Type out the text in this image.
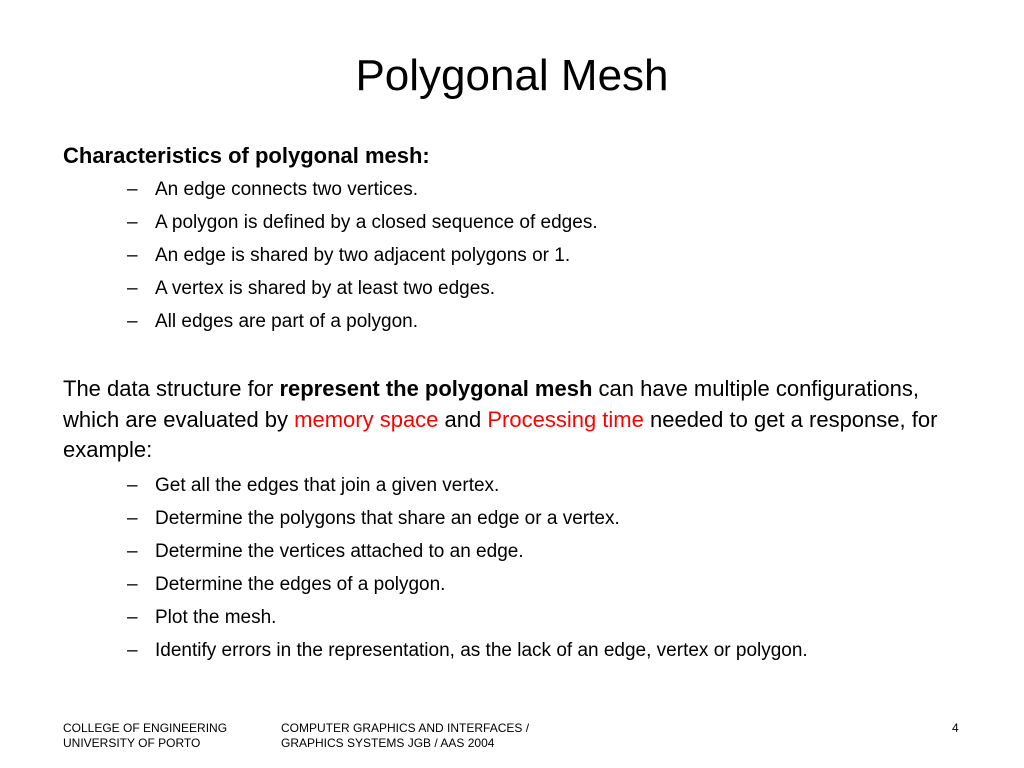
Polygonal Mesh
Characteristics of polygonal mesh:
– An edge connects two vertices.
– A polygon is defined by a closed sequence of edges.
– An edge is shared by two adjacent polygons or 1.
– A vertex is shared by at least two edges.
– All edges are part of a polygon.
The data structure for represent the polygonal mesh can have multiple configurations, which are evaluated by memory space and Processing time needed to get a response, for example:
– Get all the edges that join a given vertex.
– Determine the polygons that share an edge or a vertex.
– Determine the vertices attached to an edge.
– Determine the edges of a polygon.
– Plot the mesh.
– Identify errors in the representation, as the lack of an edge, vertex or polygon.
COLLEGE OF ENGINEERING
UNIVERSITY OF PORTO
COMPUTER GRAPHICS AND INTERFACES /
GRAPHICS SYSTEMS JGB / AAS 2004
4
